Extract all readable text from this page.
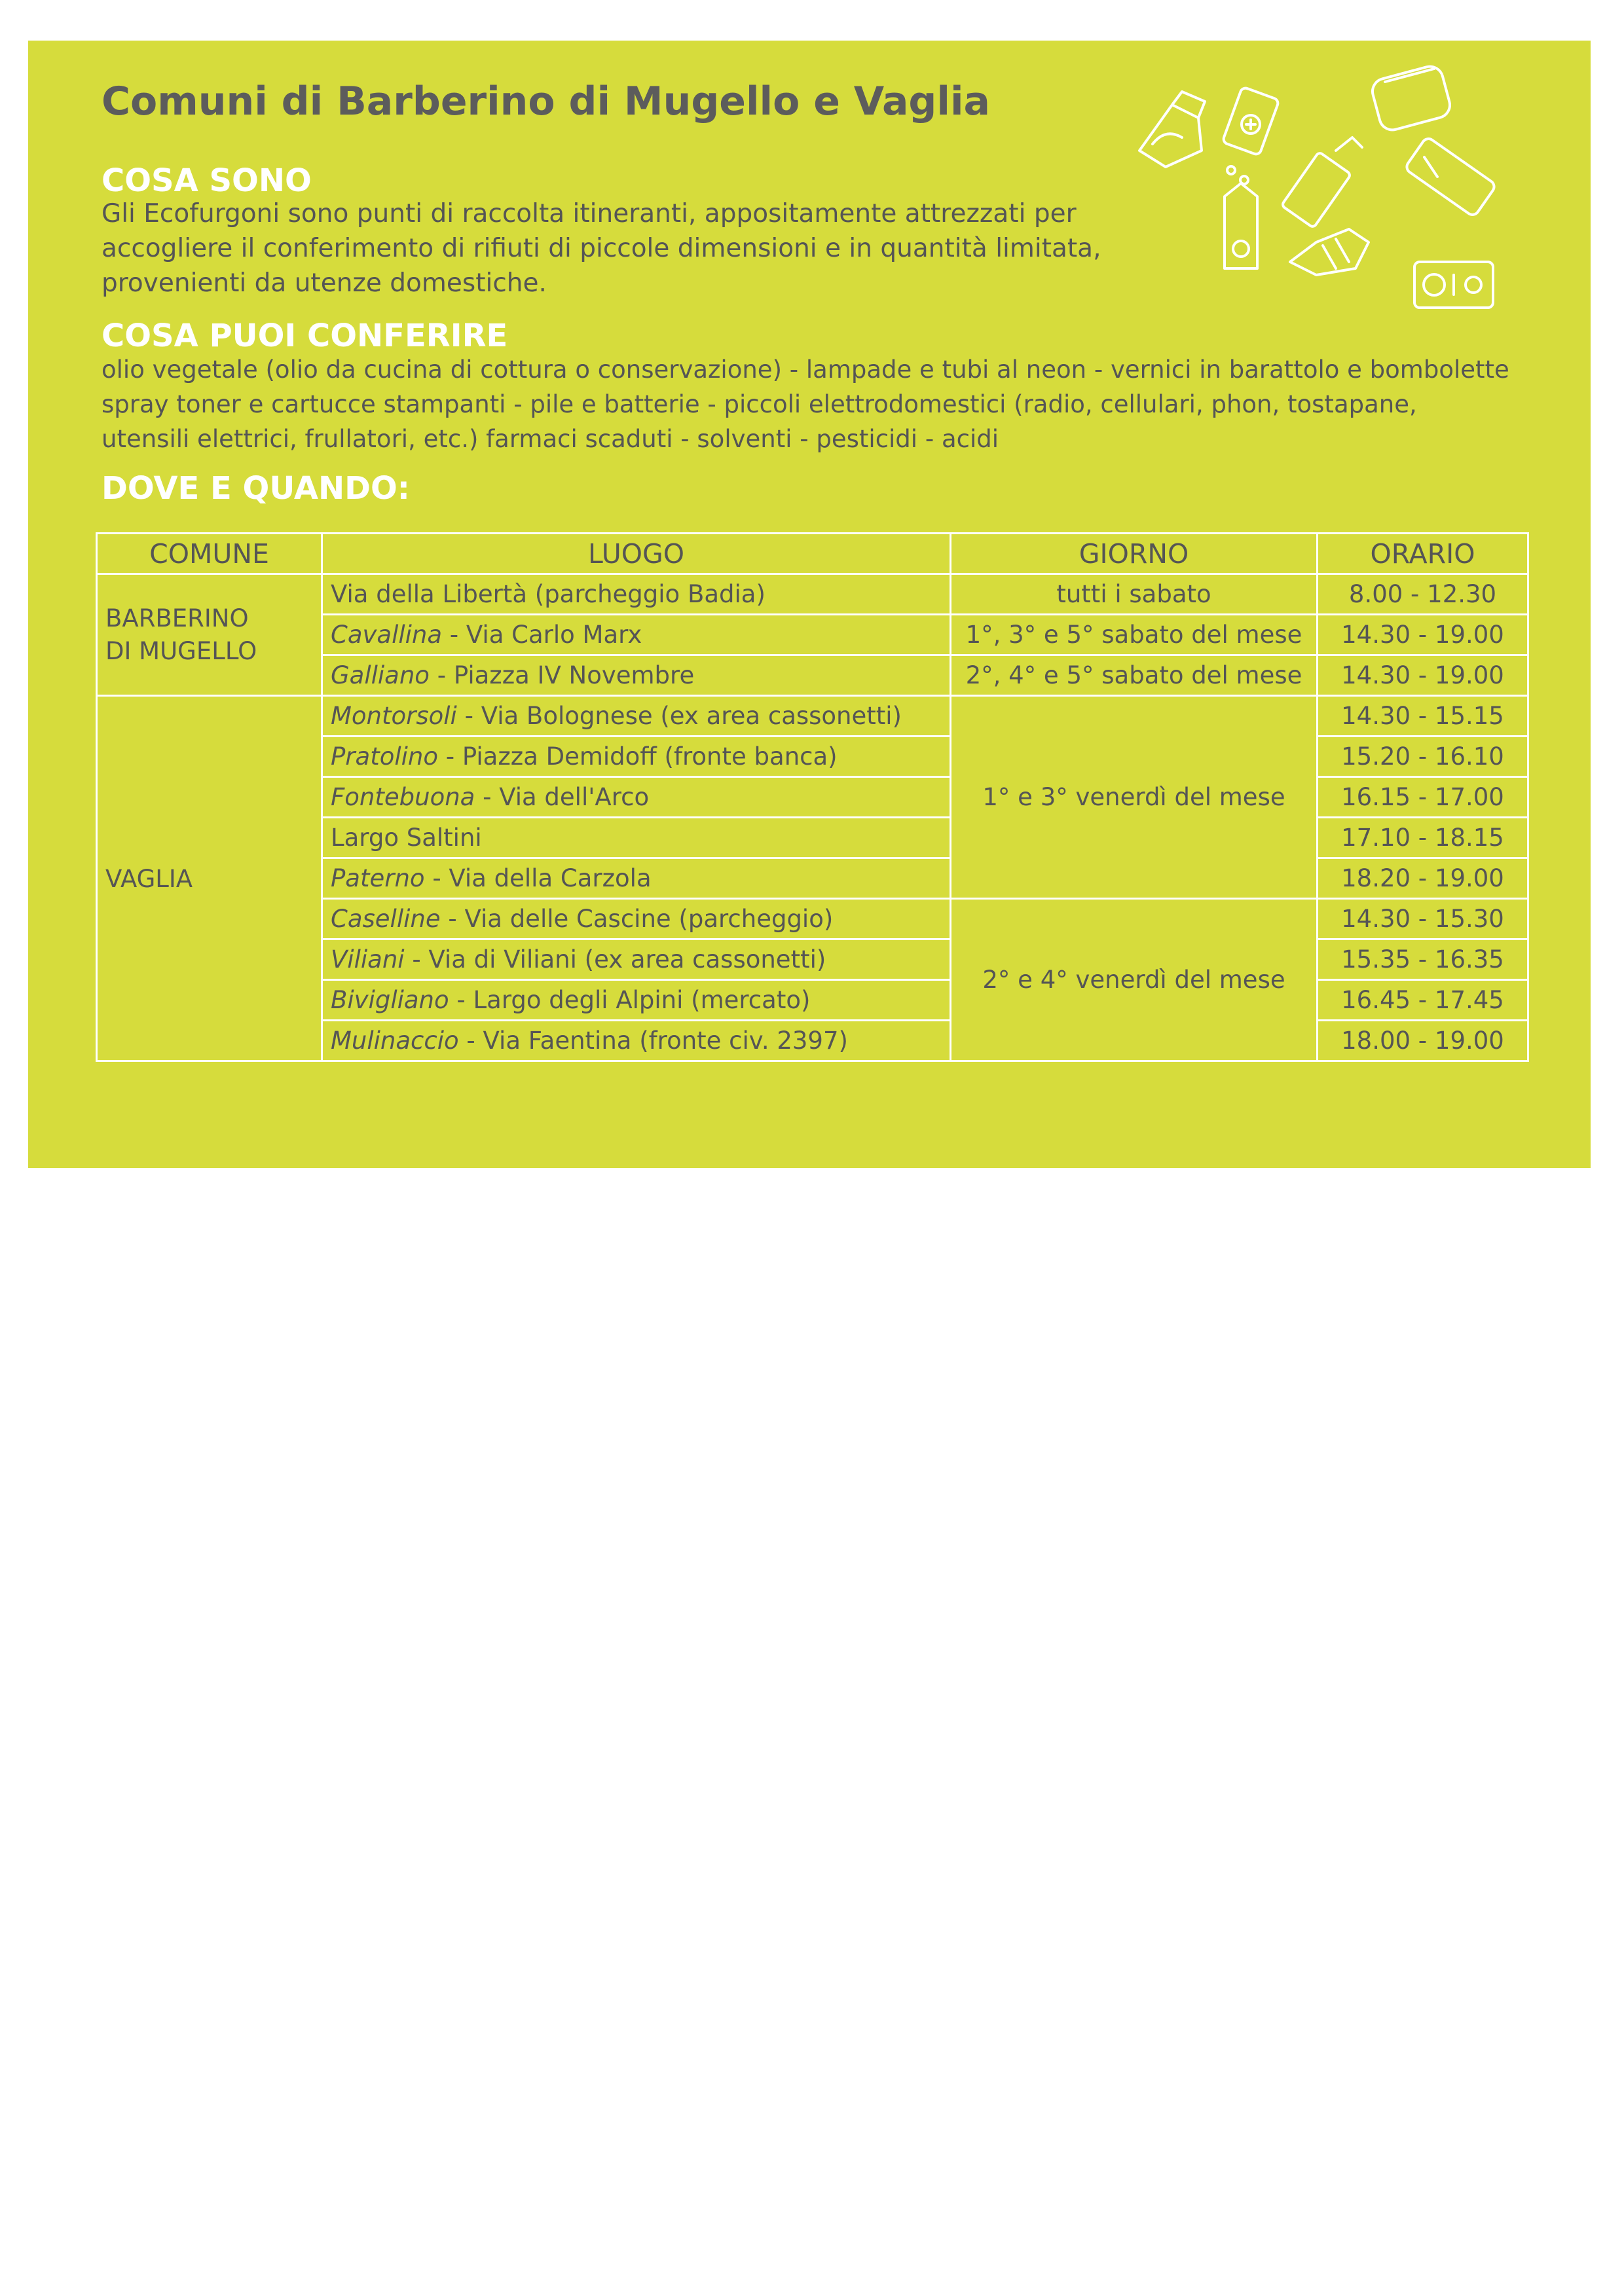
Comuni di Barberino di Mugello e Vaglia
COSA SONO
Gli Ecofurgoni sono punti di raccolta itineranti, appositamente attrezzati per
accogliere il conferimento di rifiuti di piccole dimensioni e in quantità limitata,
provenienti da utenze domestiche.
COSA PUOI CONFERIRE
olio vegetale (olio da cucina di cottura o conservazione) - lampade e tubi al neon - vernici in barattolo e bombolette
spray toner e cartucce stampanti - pile e batterie - piccoli elettrodomestici (radio, cellulari, phon, tostapane,
utensili elettrici, frullatori, etc.) farmaci scaduti - solventi - pesticidi - acidi
DOVE E QUANDO:
COMUNE	LUOGO	GIORNO	ORARIO

BARBERINO
DI MUGELLO	Via della Libertà (parcheggio Badia)	tutti i sabato	8.00 - 12.30
	Cavallina - Via Carlo Marx	1°, 3° e 5° sabato del mese	14.30 - 19.00
	Galliano - Piazza IV Novembre	2°, 4° e 5° sabato del mese	14.30 - 19.00

VAGLIA	Montorsoli - Via Bolognese (ex area cassonetti)	1° e 3° venerdì del mese	14.30 - 15.15
	Pratolino - Piazza Demidoff (fronte banca)		15.20 - 16.10
	Fontebuona - Via dell'Arco		16.15 - 17.00
	Largo Saltini		17.10 - 18.15
	Paterno - Via della Carzola		18.20 - 19.00
	Caselline - Via delle Cascine (parcheggio)	2° e 4° venerdì del mese	14.30 - 15.30
	Viliani - Via di Viliani (ex area cassonetti)		15.35 - 16.35
	Bivigliano - Largo degli Alpini (mercato)		16.45 - 17.45
	Mulinaccio - Via Faentina (fronte civ. 2397)		18.00 - 19.00
